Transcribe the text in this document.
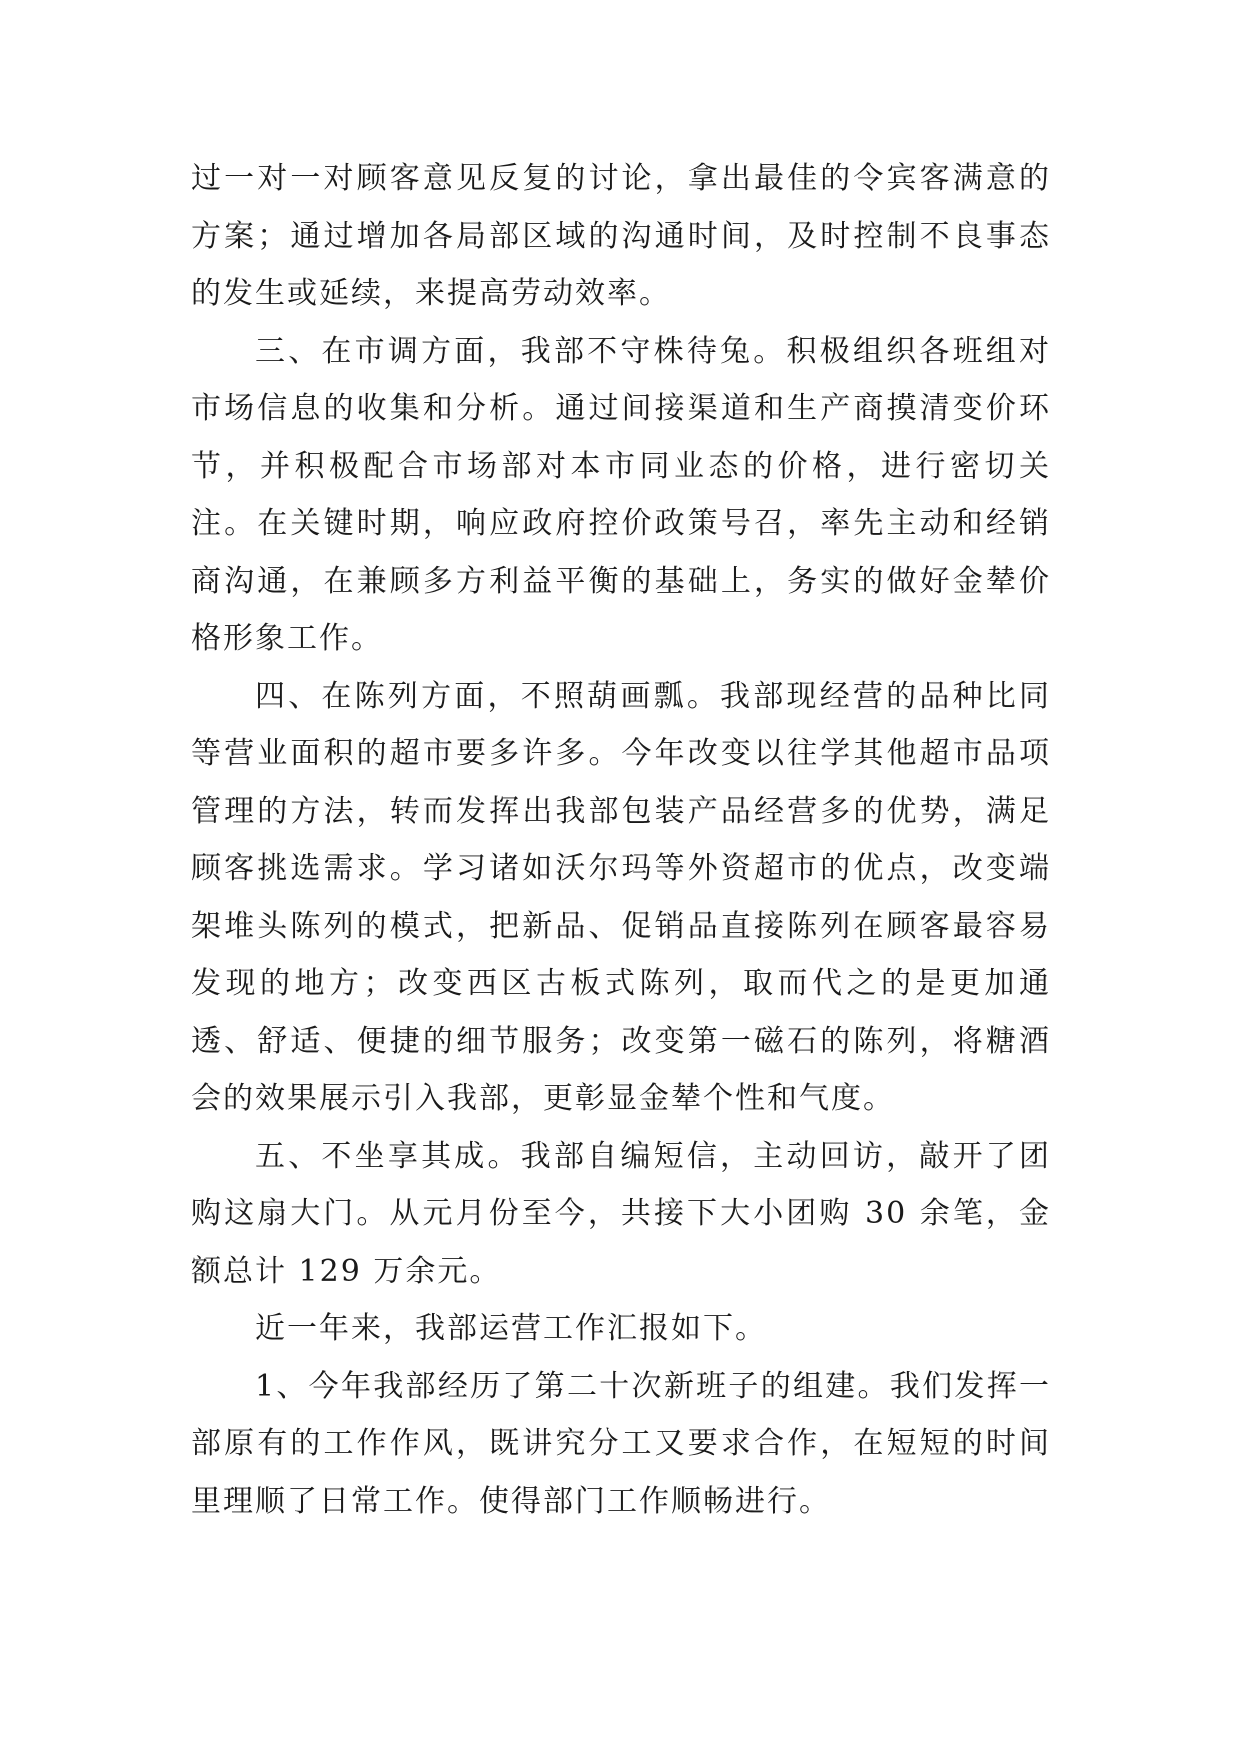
过一对一对顾客意见反复的讨论，拿出最佳的令宾客满意的方案；通过增加各局部区域的沟通时间，及时控制不良事态的发生或延续，来提高劳动效率。

三、在市调方面，我部不守株待兔。积极组织各班组对市场信息的收集和分析。通过间接渠道和生产商摸清变价环节，并积极配合市场部对本市同业态的价格，进行密切关注。在关键时期，响应政府控价政策号召，率先主动和经销商沟通，在兼顾多方利益平衡的基础上，务实的做好金辇价格形象工作。

四、在陈列方面，不照葫画瓢。我部现经营的品种比同等营业面积的超市要多许多。今年改变以往学其他超市品项管理的方法，转而发挥出我部包装产品经营多的优势，满足顾客挑选需求。学习诸如沃尔玛等外资超市的优点，改变端架堆头陈列的模式，把新品、促销品直接陈列在顾客最容易发现的地方；改变西区古板式陈列，取而代之的是更加通透、舒适、便捷的细节服务；改变第一磁石的陈列，将糖酒会的效果展示引入我部，更彰显金辇个性和气度。

五、不坐享其成。我部自编短信，主动回访，敲开了团购这扇大门。从元月份至今，共接下大小团购 30 余笔，金额总计 129 万余元。

近一年来，我部运营工作汇报如下。

1、今年我部经历了第二十次新班子的组建。我们发挥一部原有的工作作风，既讲究分工又要求合作，在短短的时间里理顺了日常工作。使得部门工作顺畅进行。
